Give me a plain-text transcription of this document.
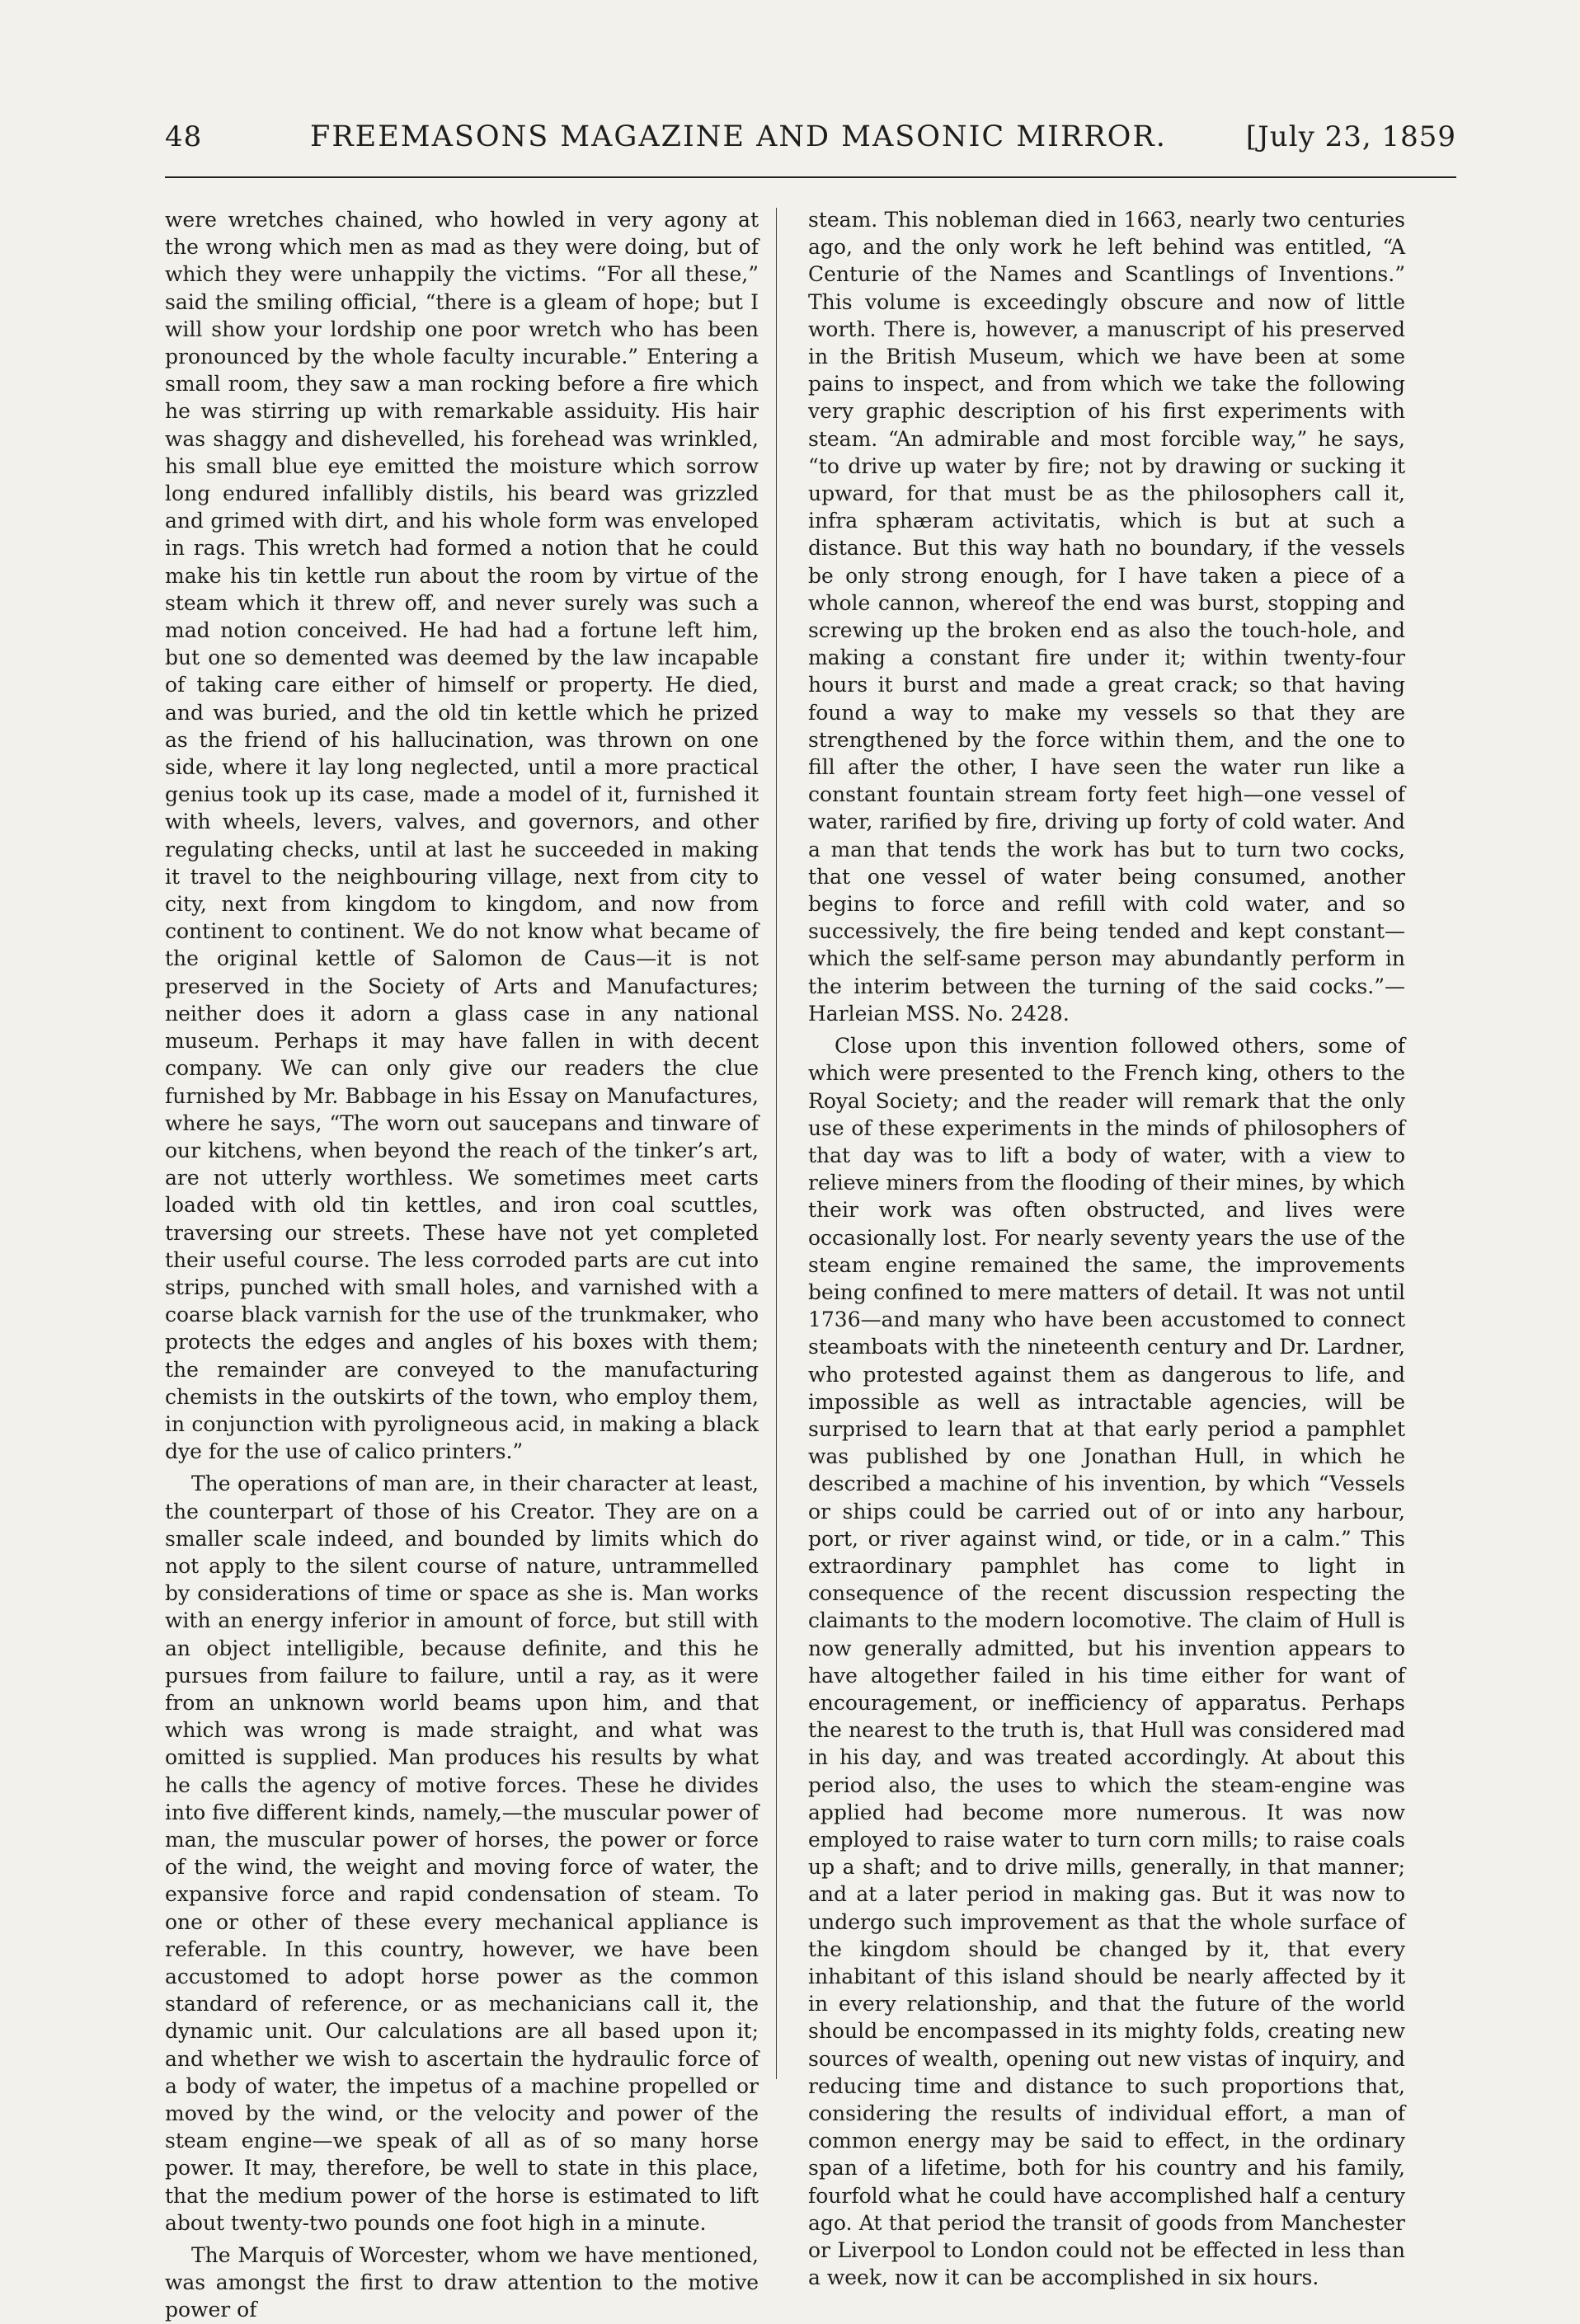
48	FREEMASONS MAGAZINE AND MASONIC MIRROR.	[July 23, 1859

were wretches chained, who howled in very agony at the wrong which men as mad as they were doing, but of which they were unhappily the victims. “For all these,” said the smiling official, “there is a gleam of hope; but I will show your lordship one poor wretch who has been pronounced by the whole faculty incurable.” Entering a small room, they saw a man rocking before a fire which he was stirring up with remarkable assiduity. His hair was shaggy and dishevelled, his forehead was wrinkled, his small blue eye emitted the moisture which sorrow long endured infallibly distils, his beard was grizzled and grimed with dirt, and his whole form was enveloped in rags. This wretch had formed a notion that he could make his tin kettle run about the room by virtue of the steam which it threw off, and never surely was such a mad notion conceived. He had had a fortune left him, but one so demented was deemed by the law incapable of taking care either of himself or property. He died, and was buried, and the old tin kettle which he prized as the friend of his hallucination, was thrown on one side, where it lay long neglected, until a more practical genius took up its case, made a model of it, furnished it with wheels, levers, valves, and governors, and other regulating checks, until at last he succeeded in making it travel to the neighbouring village, next from city to city, next from kingdom to kingdom, and now from continent to continent. We do not know what became of the original kettle of Salomon de Caus—it is not preserved in the Society of Arts and Manufactures; neither does it adorn a glass case in any national museum. Perhaps it may have fallen in with decent company. We can only give our readers the clue furnished by Mr. Babbage in his Essay on Manufactures, where he says, “The worn out saucepans and tinware of our kitchens, when beyond the reach of the tinker’s art, are not utterly worthless. We sometimes meet carts loaded with old tin kettles, and iron coal scuttles, traversing our streets. These have not yet completed their useful course. The less corroded parts are cut into strips, punched with small holes, and varnished with a coarse black varnish for the use of the trunkmaker, who protects the edges and angles of his boxes with them; the remainder are conveyed to the manufacturing chemists in the outskirts of the town, who employ them, in conjunction with pyroligneous acid, in making a black dye for the use of calico printers.”

The operations of man are, in their character at least, the counterpart of those of his Creator. They are on a smaller scale indeed, and bounded by limits which do not apply to the silent course of nature, untrammelled by considerations of time or space as she is. Man works with an energy inferior in amount of force, but still with an object intelligible, because definite, and this he pursues from failure to failure, until a ray, as it were from an unknown world beams upon him, and that which was wrong is made straight, and what was omitted is supplied. Man produces his results by what he calls the agency of motive forces. These he divides into five different kinds, namely,—the muscular power of man, the muscular power of horses, the power or force of the wind, the weight and moving force of water, the expansive force and rapid condensation of steam. To one or other of these every mechanical appliance is referable. In this country, however, we have been accustomed to adopt horse power as the common standard of reference, or as mechanicians call it, the dynamic unit. Our calculations are all based upon it; and whether we wish to ascertain the hydraulic force of a body of water, the impetus of a machine propelled or moved by the wind, or the velocity and power of the steam engine—we speak of all as of so many horse power. It may, therefore, be well to state in this place, that the medium power of the horse is estimated to lift about twenty-two pounds one foot high in a minute.

The Marquis of Worcester, whom we have mentioned, was amongst the first to draw attention to the motive power of

steam. This nobleman died in 1663, nearly two centuries ago, and the only work he left behind was entitled, “A Centurie of the Names and Scantlings of Inventions.” This volume is exceedingly obscure and now of little worth. There is, however, a manuscript of his preserved in the British Museum, which we have been at some pains to inspect, and from which we take the following very graphic description of his first experiments with steam. “An admirable and most forcible way,” he says, “to drive up water by fire; not by drawing or sucking it upward, for that must be as the philosophers call it, infra sphæram activitatis, which is but at such a distance. But this way hath no boundary, if the vessels be only strong enough, for I have taken a piece of a whole cannon, whereof the end was burst, stopping and screwing up the broken end as also the touch-hole, and making a constant fire under it; within twenty-four hours it burst and made a great crack; so that having found a way to make my vessels so that they are strengthened by the force within them, and the one to fill after the other, I have seen the water run like a constant fountain stream forty feet high—one vessel of water, rarified by fire, driving up forty of cold water. And a man that tends the work has but to turn two cocks, that one vessel of water being consumed, another begins to force and refill with cold water, and so successively, the fire being tended and kept constant—which the self-same person may abundantly perform in the interim between the turning of the said cocks.”—Harleian MSS. No. 2428.

Close upon this invention followed others, some of which were presented to the French king, others to the Royal Society; and the reader will remark that the only use of these experiments in the minds of philosophers of that day was to lift a body of water, with a view to relieve miners from the flooding of their mines, by which their work was often obstructed, and lives were occasionally lost. For nearly seventy years the use of the steam engine remained the same, the improvements being confined to mere matters of detail. It was not until 1736—and many who have been accustomed to connect steamboats with the nineteenth century and Dr. Lardner, who protested against them as dangerous to life, and impossible as well as intractable agencies, will be surprised to learn that at that early period a pamphlet was published by one Jonathan Hull, in which he described a machine of his invention, by which “Vessels or ships could be carried out of or into any harbour, port, or river against wind, or tide, or in a calm.” This extraordinary pamphlet has come to light in consequence of the recent discussion respecting the claimants to the modern locomotive. The claim of Hull is now generally admitted, but his invention appears to have altogether failed in his time either for want of encouragement, or inefficiency of apparatus. Perhaps the nearest to the truth is, that Hull was considered mad in his day, and was treated accordingly. At about this period also, the uses to which the steam-engine was applied had become more numerous. It was now employed to raise water to turn corn mills; to raise coals up a shaft; and to drive mills, generally, in that manner; and at a later period in making gas. But it was now to undergo such improvement as that the whole surface of the kingdom should be changed by it, that every inhabitant of this island should be nearly affected by it in every relationship, and that the future of the world should be encompassed in its mighty folds, creating new sources of wealth, opening out new vistas of inquiry, and reducing time and distance to such proportions that, considering the results of individual effort, a man of common energy may be said to effect, in the ordinary span of a lifetime, both for his country and his family, fourfold what he could have accomplished half a century ago. At that period the transit of goods from Manchester or Liverpool to London could not be effected in less than a week, now it can be accomplished in six hours.
